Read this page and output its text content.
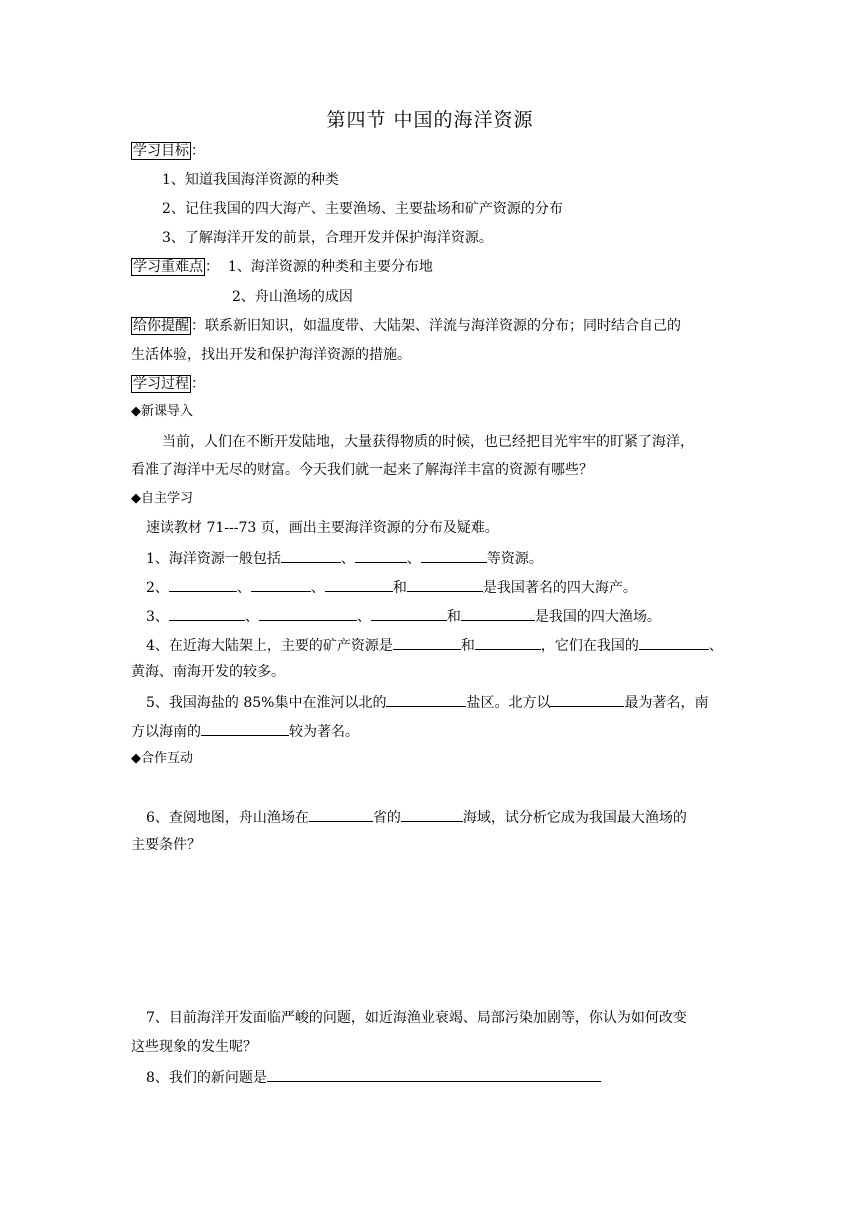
第四节 中国的海洋资源
学习目标 ：
1、知道我国海洋资源的种类
2、记住我国的四大海产、主要渔场、主要盐场和矿产资源的分布
3、了解海洋开发的前景，合理开发并保护海洋资源。
学习重难点 ：  1、海洋资源的种类和主要分布地
2、舟山渔场的成因
给你提醒 ：联系新旧知识，如温度带、大陆架、洋流与海洋资源的分布；同时结合自己的
生活体验，找出开发和保护海洋资源的措施。
学习过程 ：
◆新课导入
当前，人们在不断开发陆地，大量获得物质的时候，也已经把目光牢牢的盯紧了海洋，
看准了海洋中无尽的财富。今天我们就一起来了解海洋丰富的资源有哪些？
◆自主学习
速读教材 71---73 页，画出主要海洋资源的分布及疑难。
1、海洋资源一般包括	、	、	等资源。
2、	、	、	和	是我国著名的四大海产。
3、	、	、	和	是我国的四大渔场。
4、在近海大陆架上，主要的矿产资源是	和	，它们在我国的	、
黄海、南海开发的较多。
5、我国海盐的 85%集中在淮河以北的	盐区。北方以	最为著名，南
方以海南的	较为著名。
◆合作互动
6、查阅地图，舟山渔场在	省的	海域，试分析它成为我国最大渔场的
主要条件？
7、目前海洋开发面临严峻的问题，如近海渔业衰竭、局部污染加剧等，你认为如何改变
这些现象的发生呢？
8、我们的新问题是
